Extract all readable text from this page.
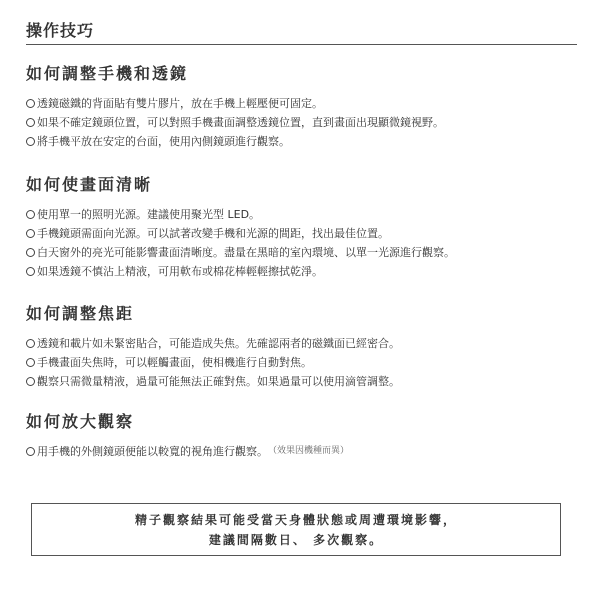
操作技巧
如何調整手機和透鏡
透鏡磁鐵的背面貼有雙片膠片，放在手機上輕壓便可固定。
如果不確定鏡頭位置，可以對照手機畫面調整透鏡位置，直到畫面出現顯微鏡視野。
將手機平放在安定的台面，使用內側鏡頭進行觀察。
如何使畫面清晰
使用單一的照明光源。建議使用聚光型 LED。
手機鏡頭需面向光源。可以試著改變手機和光源的間距，找出最佳位置。
白天窗外的亮光可能影響畫面清晰度。盡量在黑暗的室內環境、以單一光源進行觀察。
如果透鏡不慎沾上精液，可用軟布或棉花棒輕輕擦拭乾淨。
如何調整焦距
透鏡和載片如未緊密貼合，可能造成失焦。先確認兩者的磁鐵面已經密合。
手機畫面失焦時，可以輕觸畫面，使相機進行自動對焦。
觀察只需微量精液，過量可能無法正確對焦。如果過量可以使用滴管調整。
如何放大觀察
用手機的外側鏡頭便能以較寬的視角進行觀察。 （效果因機種而異）
精子觀察結果可能受當天身體狀態或周遭環境影響，
建議間隔數日、 多次觀察。
